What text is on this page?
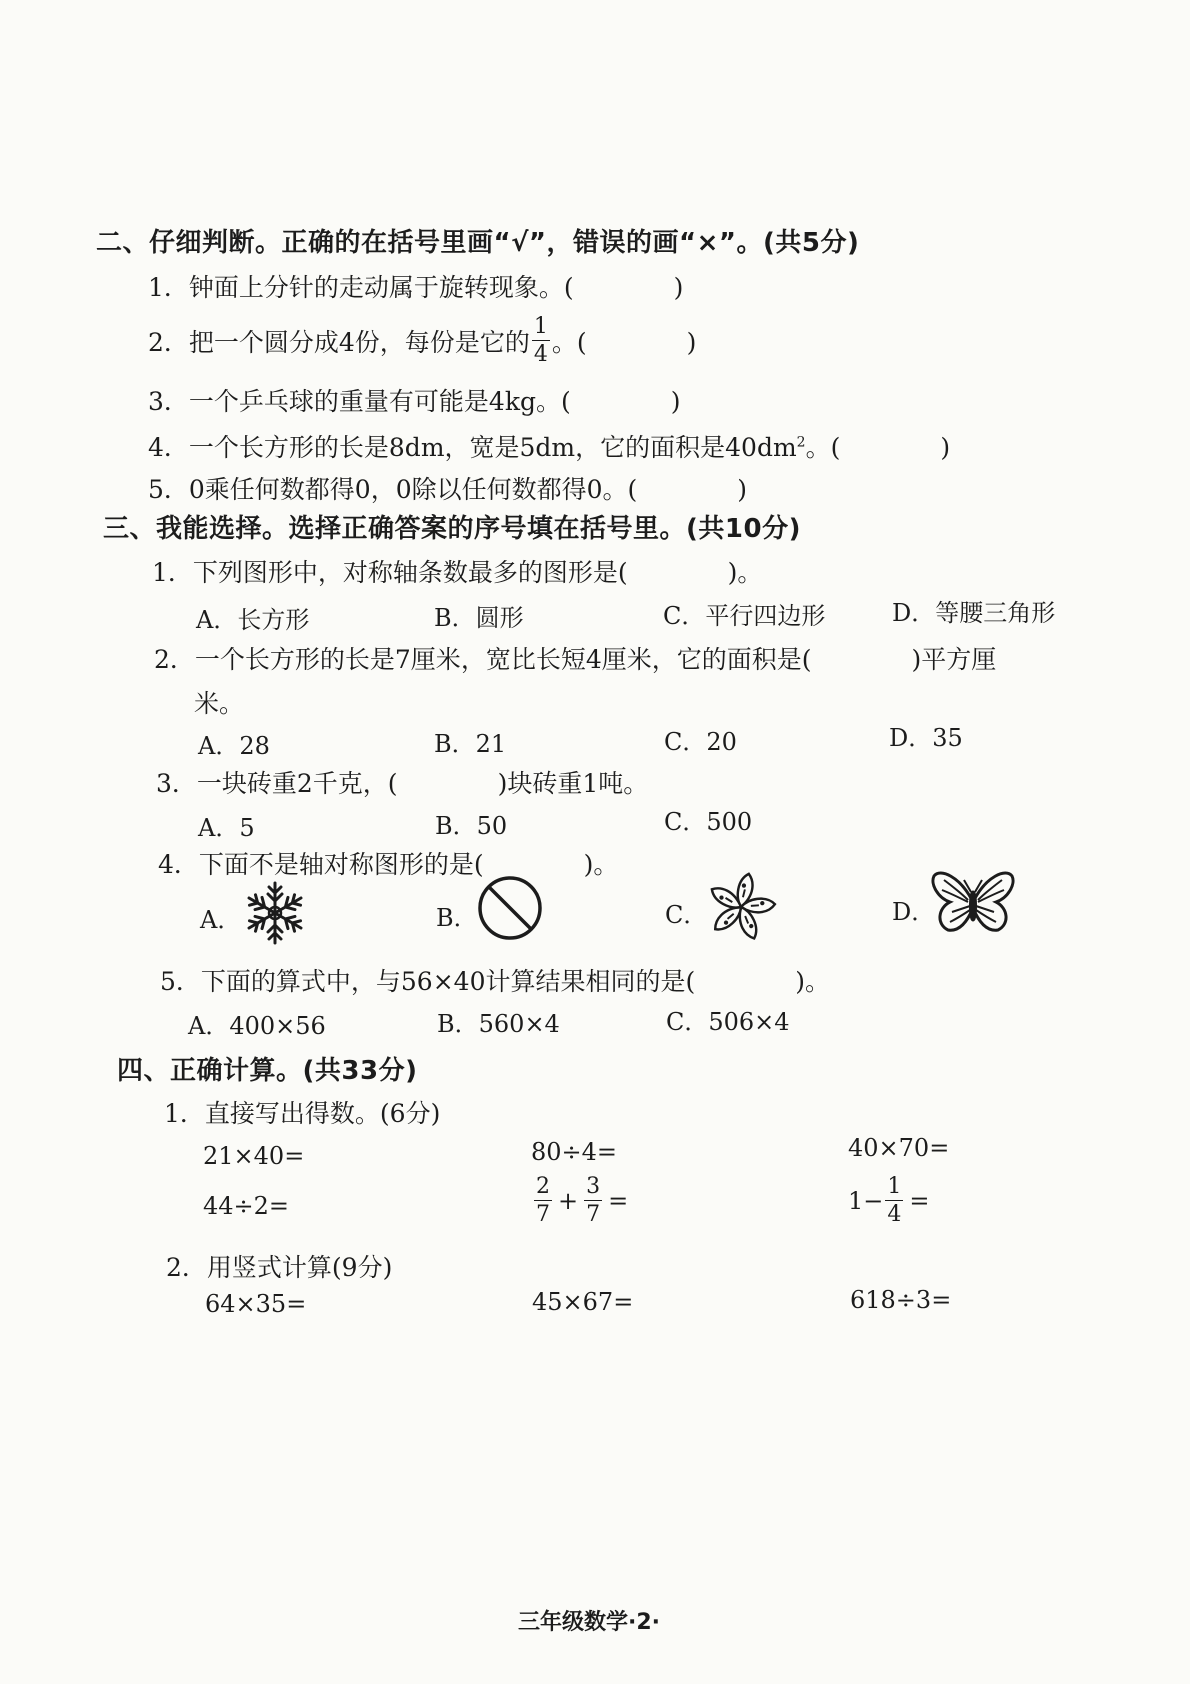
二、仔细判断。正确的在括号里画“√”，错误的画“×”。(共5分)
1．钟面上分针的走动属于旋转现象。(　　　　)
2．把一个圆分成4份，每份是它的 $\frac{1}{4}$ 。(　　　　)
3．一个乒乓球的重量有可能是4kg。(　　　　)
4．一个长方形的长是8dm，宽是5dm，它的面积是$40dm^2$。(　　　　)
5．0乘任何数都得0，0除以任何数都得0。(　　　　)
三、我能选择。选择正确答案的序号填在括号里。(共10分)
1．下列图形中，对称轴条数最多的图形是(　　　　)。
A．长方形	B．圆形	C．平行四边形	D．等腰三角形
2．一个长方形的长是7厘米，宽比长短4厘米，它的面积是(　　　　)平方厘
米。
A．28	B．21	C．20	D．35
3．一块砖重2千克，(　　　　)块砖重1吨。
A．5	B．50	C．500
4．下面不是轴对称图形的是(　　　　)。
A．	B．	C．	D．
5．下面的算式中，与56×40计算结果相同的是(　　　　)。
A．400×56	B．560×4	C．506×4
四、正确计算。(共33分)
1．直接写出得数。(6分)
21×40=	80÷4=	40×70=
44÷2=	$\frac{2}{7} + \frac{3}{7}$ =	$1- \frac{1}{4}$ =
2．用竖式计算(9分)
64×35=	45×67=	618÷3=
三年级数学·2·
